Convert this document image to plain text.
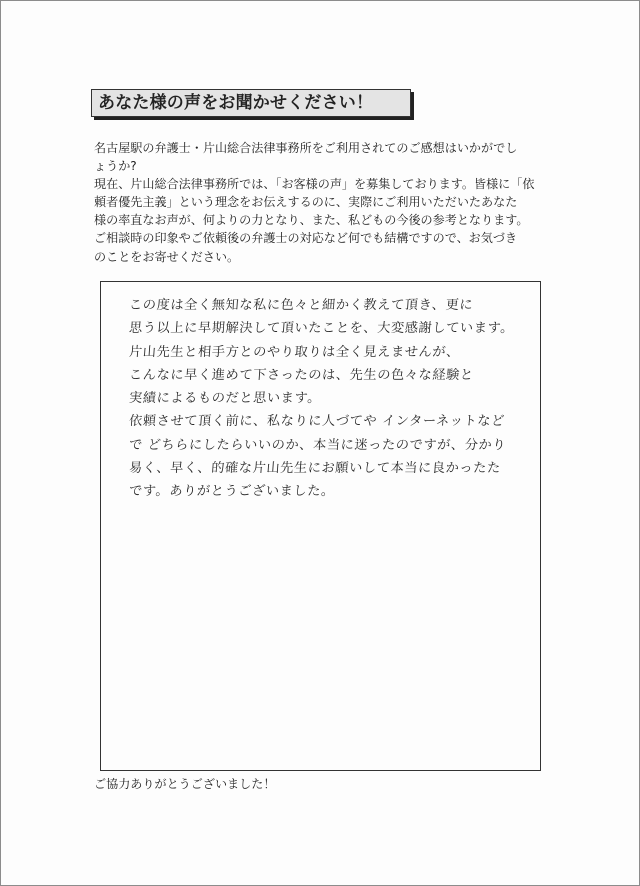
あなた様の声をお聞かせください！

名古屋駅の弁護士・片山総合法律事務所をご利用されてのご感想はいかがでし

ょうか?

現在、片山総合法律事務所では、「お客様の声」を募集しております。皆様に「依

頼者優先主義」という理念をお伝えするのに、実際にご利用いただいたあなた

様の率直なお声が、何よりの力となり、また、私どもの今後の参考となります。

ご相談時の印象やご依頼後の弁護士の対応など何でも結構ですので、お気づき

のことをお寄せください。

この度は全く無知な私に色々と細かく教えて頂き、更に
思う以上に早期解決して頂いたことを、大変感謝しています。
片山先生と相手方とのやり取りは全く見えませんが、
こんなに早く進めて下さったのは、先生の色々な経験と
実績によるものだと思います。
依頼させて頂く前に、私なりに人づてや インターネットなど
で どちらにしたらいいのか、本当に迷ったのですが、分かり
易く、早く、的確な片山先生にお願いして本当に良かったた
です。ありがとうございました。
ご協力ありがとうございました！
